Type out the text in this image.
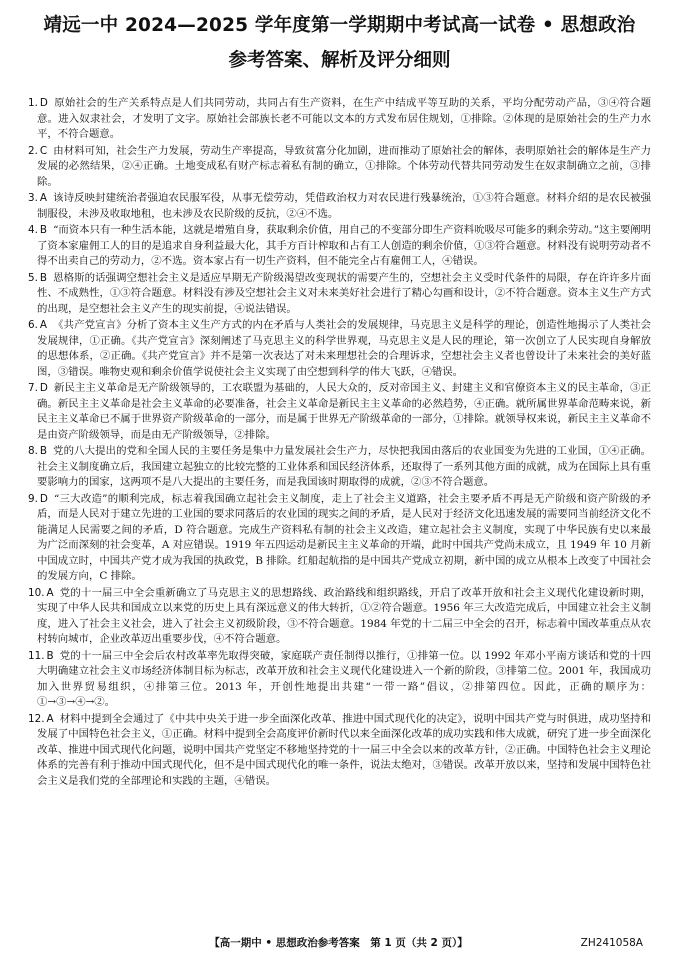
靖远一中 2024—2025 学年度第一学期期中考试高一试卷 • 思想政治
参考答案、解析及评分细则
1. D 原始社会的生产关系特点是人们共同劳动，共同占有生产资料，在生产中结成平等互助的关系，平均分配劳动产品，③④符合题意。进入奴隶社会，才发明了文字。原始社会部族长老不可能以文本的方式发布居住规划，①排除。②体现的是原始社会的生产力水平，不符合题意。
2. C 由材料可知，社会生产力发展，劳动生产率提高，导致贫富分化加剧，进而推动了原始社会的解体，表明原始社会的解体是生产力发展的必然结果，②④正确。土地变成私有财产标志着私有制的确立，①排除。个体劳动代替共同劳动发生在奴隶制确立之前，③排除。
3. A 该诗反映封建统治者强迫农民服军役，从事无偿劳动，凭借政治权力对农民进行残暴统治，①③符合题意。材料介绍的是农民被强制服役，未涉及收取地租，也未涉及农民阶级的反抗，②④不选。
4. B “而资本只有一种生活本能，这就是增殖自身，获取剩余价值，用自己的不变部分即生产资料吮吸尽可能多的剩余劳动。”这主要阐明了资本家雇佣工人的目的是追求自身利益最大化，其手方百计榨取和占有工人创造的剩余价值，①③符合题意。材料没有说明劳动者不得不出卖自己的劳动力，②不选。资本家占有一切生产资料，但不能完全占有雇佣工人，④错误。
5. B 恩格斯的话强调空想社会主义是适应早期无产阶级渴望改变现状的需要产生的，空想社会主义受时代条件的局限，存在许许多片面性、不成熟性，①③符合题意。材料没有涉及空想社会主义对未来美好社会进行了精心勾画和设计，②不符合题意。资本主义生产方式的出现，是空想社会主义产生的现实前提，④说法错误。
6. A 《共产党宣言》分析了资本主义生产方式的内在矛盾与人类社会的发展规律，马克思主义是科学的理论，创造性地揭示了人类社会发展规律，①正确。《共产党宣言》深刻阐述了马克思主义的科学世界观，马克思主义是人民的理论，第一次创立了人民实现自身解放的思想体系，②正确。《共产党宣言》并不是第一次表达了对未来理想社会的合理诉求，空想社会主义者也曾设计了未来社会的美好蓝图，③错误。唯物史观和剩余价值学说使社会主义实现了由空想到科学的伟大飞跃，④错误。
7. D 新民主主义革命是无产阶级领导的，工农联盟为基础的，人民大众的，反对帝国主义、封建主义和官僚资本主义的民主革命，③正确。新民主主义革命是社会主义革命的必要准备，社会主义革命是新民主主义革命的必然趋势，④正确。就所属世界革命范畴来说，新民主主义革命已不属于世界资产阶级革命的一部分，而是属于世界无产阶级革命的一部分，①排除。就领导权来说，新民主主义革命不是由资产阶级领导，而是由无产阶级领导，②排除。
8. B 党的八大提出的党和全国人民的主要任务是集中力量发展社会生产力，尽快把我国由落后的农业国变为先进的工业国，①④正确。社会主义制度确立后，我国建立起独立的比较完整的工业体系和国民经济体系，还取得了一系列其他方面的成就，成为在国际上具有重要影响力的国家，这两项不是八大提出的主要任务，而是我国该时期取得的成就，②③不符合题意。
9. D “三大改造”的顺利完成，标志着我国确立起社会主义制度，走上了社会主义道路，社会主要矛盾不再是无产阶级和资产阶级的矛盾，而是人民对于建立先进的工业国的要求同落后的农业国的现实之间的矛盾，是人民对于经济文化迅速发展的需要同当前经济文化不能满足人民需要之间的矛盾，D 符合题意。完成生产资料私有制的社会主义改造，建立起社会主义制度，实现了中华民族有史以来最为广泛而深刻的社会变革，A 对应错误。1919 年五四运动是新民主主义革命的开端，此时中国共产党尚未成立，且 1949 年 10 月新中国成立时，中国共产党才成为我国的执政党，B 排除。红船起航指的是中国共产党成立初期，新中国的成立从根本上改变了中国社会的发展方向，C 排除。
10. A 党的十一届三中全会重新确立了马克思主义的思想路线、政治路线和组织路线，开启了改革开放和社会主义现代化建设新时期，实现了中华人民共和国成立以来党的历史上具有深远意义的伟大转折，①②符合题意。1956 年三大改造完成后，中国建立社会主义制度，进入了社会主义社会，进入了社会主义初级阶段，③不符合题意。1984 年党的十二届三中全会的召开，标志着中国改革重点从农村转向城市，企业改革迈出重要步伐，④不符合题意。
11. B 党的十一届三中全会后农村改革率先取得突破，家庭联产责任制得以推行，①排第一位。以 1992 年邓小平南方谈话和党的十四大明确建立社会主义市场经济体制目标为标志，改革开放和社会主义现代化建设进入一个新的阶段，③排第二位。2001 年，我国成功加入世界贸易组织，④排第三位。2013 年，开创性地提出共建“一带一路”倡议，②排第四位。因此，正确的顺序为：①→③→④→②。
12. A 材料中提到全会通过了《中共中央关于进一步全面深化改革、推进中国式现代化的决定》，说明中国共产党与时俱进，成功坚持和发展了中国特色社会主义，①正确。材料中提到全会高度评价新时代以来全面深化改革的成功实践和伟大成就，研究了进一步全面深化改革、推进中国式现代化问题，说明中国共产党坚定不移地坚持党的十一届三中全会以来的改革方针，②正确。中国特色社会主义理论体系的完善有利于推动中国式现代化，但不是中国式现代化的唯一条件，说法太绝对，③错误。改革开放以来，坚持和发展中国特色社会主义是我们党的全部理论和实践的主题，④错误。
【高一期中 • 思想政治参考答案　第 1 页（共 2 页）】	ZH241058A
